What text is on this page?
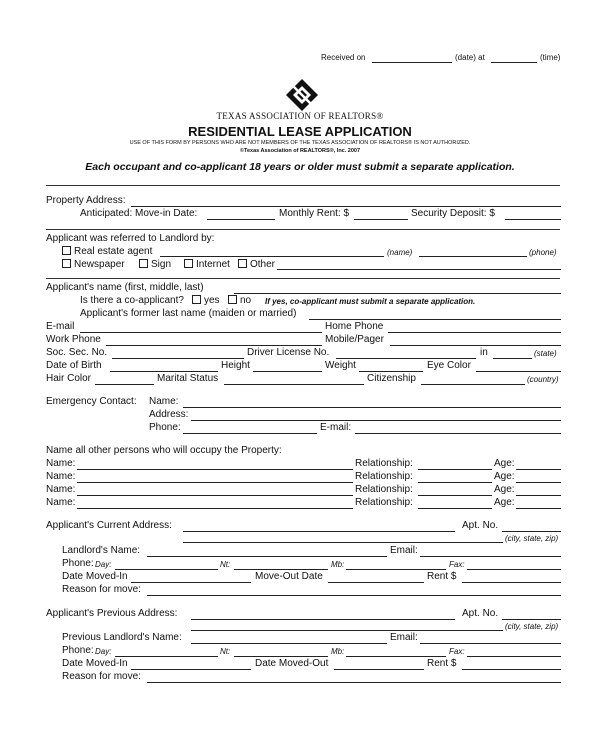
Received on	(date) at	(time)
TEXAS ASSOCIATION OF REALTORS®
RESIDENTIAL LEASE APPLICATION
USE OF THIS FORM BY PERSONS WHO ARE NOT MEMBERS OF THE TEXAS ASSOCIATION OF REALTORS® IS NOT AUTHORIZED.
©Texas Association of REALTORS®, Inc. 2007
Each occupant and co-applicant 18 years or older must submit a separate application.
Property Address:
Anticipated: Move-in Date:	Monthly Rent: $	Security Deposit: $
Applicant was referred to Landlord by:
Real estate agent	(name)	(phone)
Newspaper	Sign	Internet	Other
Applicant's name (first, middle, last)
Is there a co-applicant?	yes	no If yes, co-applicant must submit a separate application.
Applicant's former last name (maiden or married)
E-mail	Home Phone
Work Phone	Mobile/Pager
Soc. Sec. No.	Driver License No.	in	(state)
Date of Birth	Height	Weight	Eye Color
Hair Color	Marital Status	Citizenship	(country)
Emergency Contact: Name:
Address:
Phone:	E-mail:
Name all other persons who will occupy the Property:
Name:	Relationship:	Age:
Name:	Relationship:	Age:
Name:	Relationship:	Age:
Name:	Relationship:	Age:
Applicant's Current Address:	Apt. No.
(city, state, zip)
Landlord's Name:	Email:
Phone: Day:	Nt:	Mb:	Fax:
Date Moved-In	Move-Out Date	Rent $
Reason for move:
Applicant's Previous Address:	Apt. No.
(city, state, zip)
Previous Landlord's Name:	Email:
Phone: Day:	Nt:	Mb:	Fax:
Date Moved-In	Date Moved-Out	Rent $
Reason for move:
